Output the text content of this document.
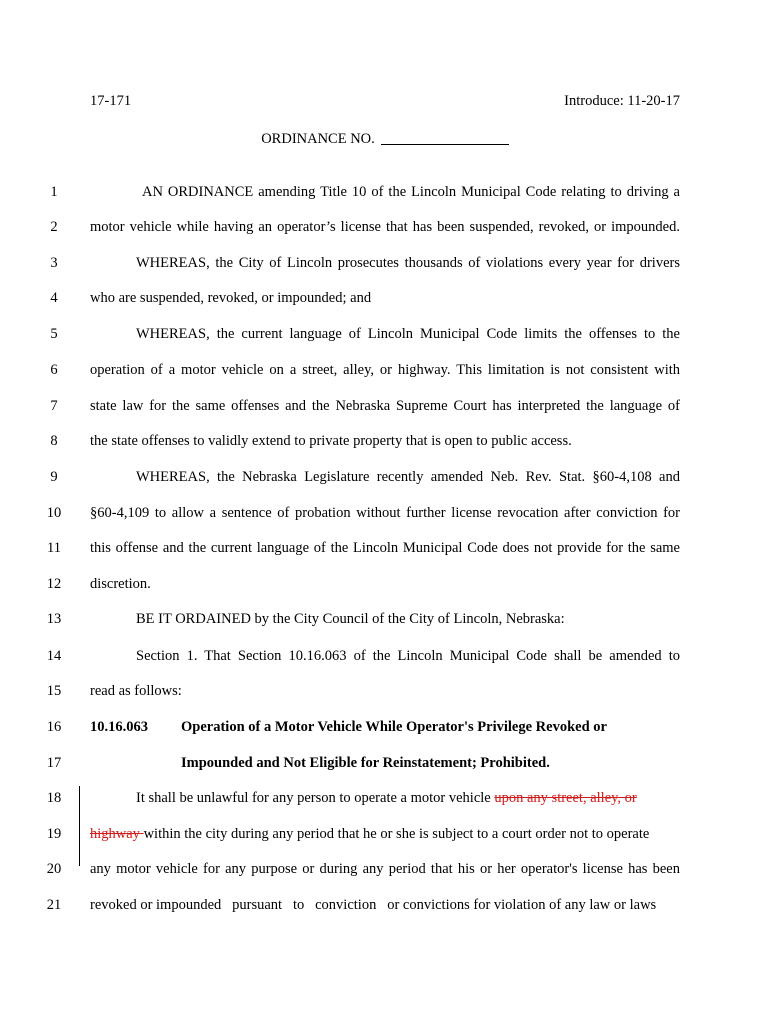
17-171	Introduce: 11-20-17
ORDINANCE NO.
1	AN ORDINANCE amending Title 10 of the Lincoln Municipal Code relating to driving a
2	motor vehicle while having an operator’s license that has been suspended, revoked, or impounded.
3	WHEREAS, the City of Lincoln prosecutes thousands of violations every year for drivers
4	who are suspended, revoked, or impounded; and
5	WHEREAS, the current language of Lincoln Municipal Code limits the offenses to the
6	operation of a motor vehicle on a street, alley, or highway. This limitation is not consistent with
7	state law for the same offenses and the Nebraska Supreme Court has interpreted the language of
8	the state offenses to validly extend to private property that is open to public access.
9	WHEREAS, the Nebraska Legislature recently amended Neb. Rev. Stat. §60-4,108 and
10	§60-4,109 to allow a sentence of probation without further license revocation after conviction for
11	this offense and the current language of the Lincoln Municipal Code does not provide for the same
12	discretion.
13	BE IT ORDAINED by the City Council of the City of Lincoln, Nebraska:
14	Section 1. That Section 10.16.063 of the Lincoln Municipal Code shall be amended to
15	read as follows:
16	10.16.063 Operation of a Motor Vehicle While Operator's Privilege Revoked or
17	Impounded and Not Eligible for Reinstatement; Prohibited.
18	It shall be unlawful for any person to operate a motor vehicle upon any street, alley, or
19	highway within the city during any period that he or she is subject to a court order not to operate
20	any motor vehicle for any purpose or during any period that his or her operator's license has been
21	revoked or impounded   pursuant   to   conviction   or convictions for violation of any law or laws
